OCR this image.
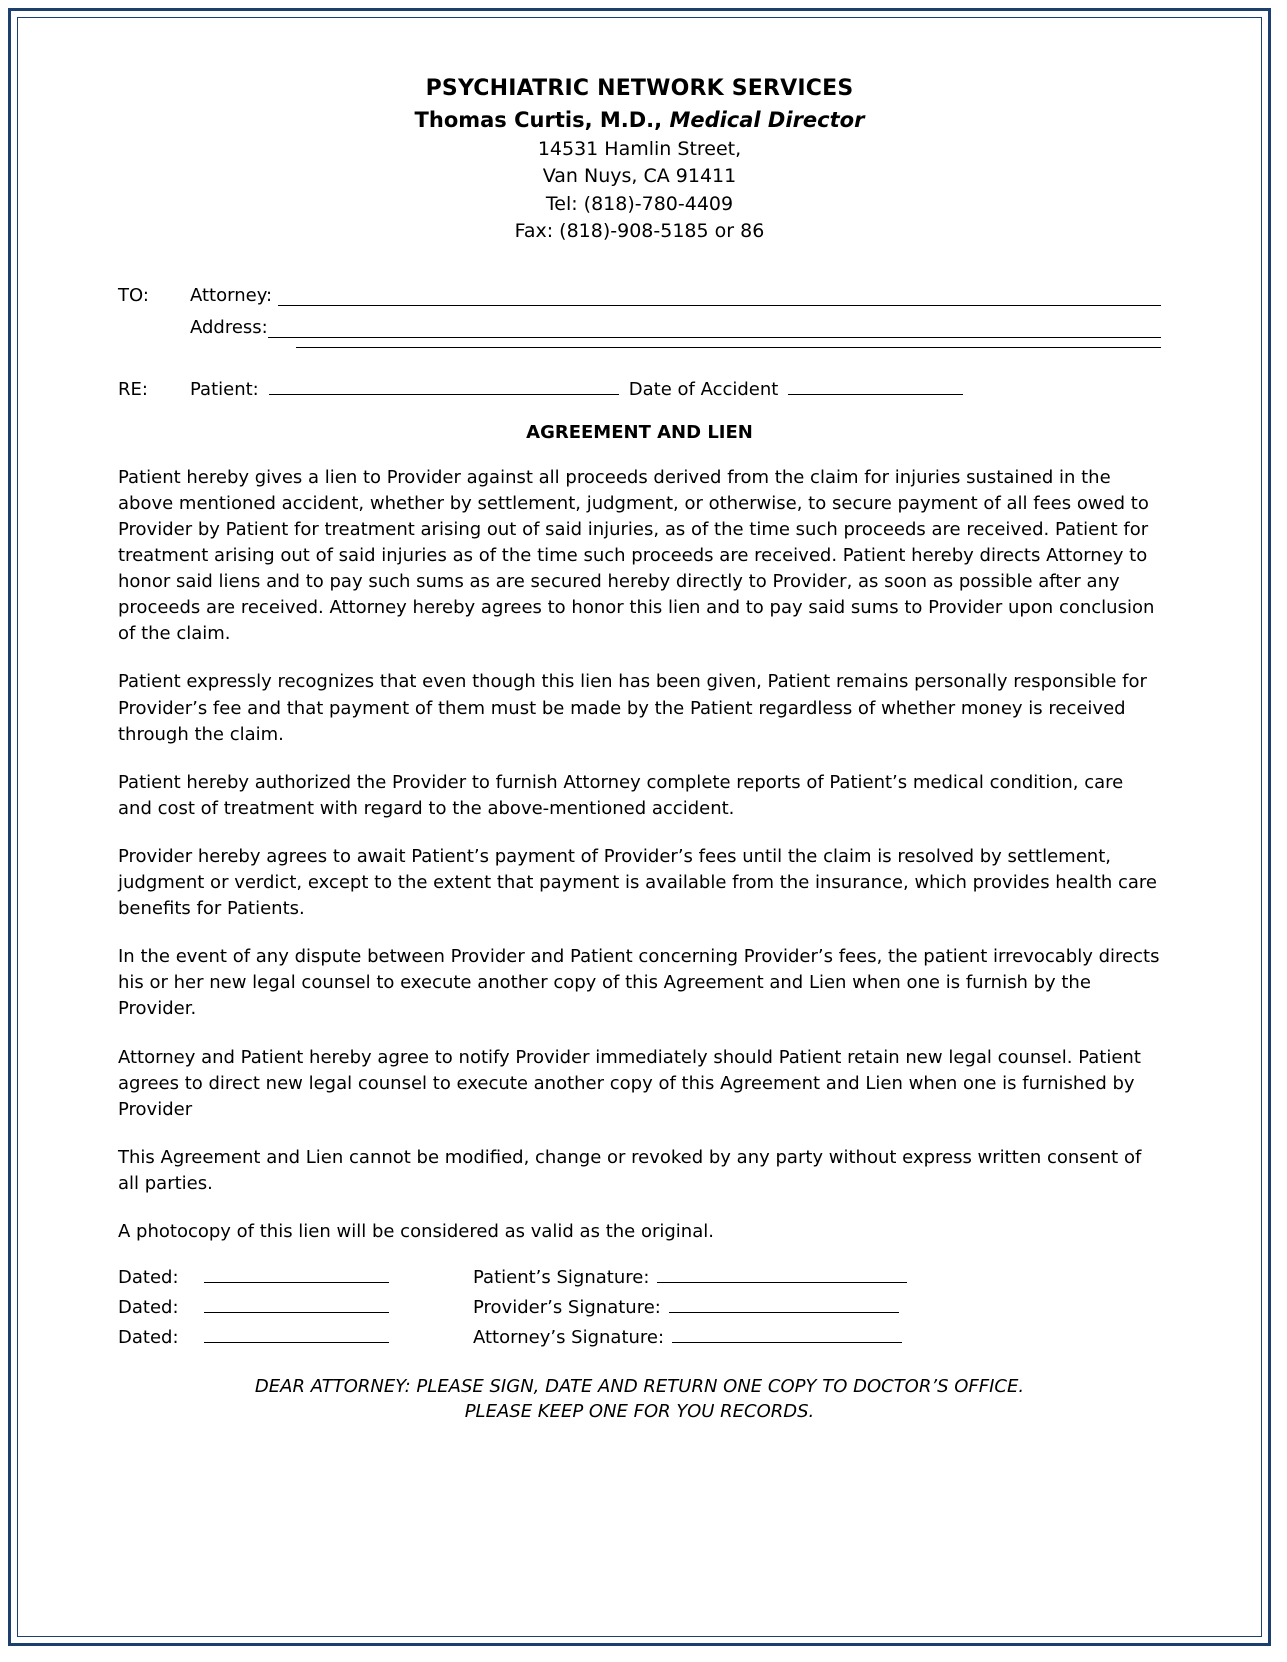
PSYCHIATRIC NETWORK SERVICES
Thomas Curtis, M.D., Medical Director
14531 Hamlin Street,
Van Nuys, CA 91411
Tel: (818)-780-4409
Fax: (818)-908-5185 or 86
TO:	Attorney:
Address:
RE:	Patient:	Date of Accident
AGREEMENT AND LIEN

Patient hereby gives a lien to Provider against all proceeds derived from the claim for injuries sustained in the above mentioned accident, whether by settlement, judgment, or otherwise, to secure payment of all fees owed to Provider by Patient for treatment arising out of said injuries, as of the time such proceeds are received. Patient for treatment arising out of said injuries as of the time such proceeds are received. Patient hereby directs Attorney to honor said liens and to pay such sums as are secured hereby directly to Provider, as soon as possible after any proceeds are received. Attorney hereby agrees to honor this lien and to pay said sums to Provider upon conclusion of the claim.

Patient expressly recognizes that even though this lien has been given, Patient remains personally responsible for Provider’s fee and that payment of them must be made by the Patient regardless of whether money is received through the claim.

Patient hereby authorized the Provider to furnish Attorney complete reports of Patient’s medical condition, care and cost of treatment with regard to the above-mentioned accident.

Provider hereby agrees to await Patient’s payment of Provider’s fees until the claim is resolved by settlement, judgment or verdict, except to the extent that payment is available from the insurance, which provides health care benefits for Patients.

In the event of any dispute between Provider and Patient concerning Provider’s fees, the patient irrevocably directs his or her new legal counsel to execute another copy of this Agreement and Lien when one is furnish by the Provider.

Attorney and Patient hereby agree to notify Provider immediately should Patient retain new legal counsel. Patient agrees to direct new legal counsel to execute another copy of this Agreement and Lien when one is furnished by Provider

This Agreement and Lien cannot be modified, change or revoked by any party without express written consent of all parties.

A photocopy of this lien will be considered as valid as the original.

Dated:	Patient’s Signature:
Dated:	Provider’s Signature:
Dated:	Attorney’s Signature:
DEAR ATTORNEY: PLEASE SIGN, DATE AND RETURN ONE COPY TO DOCTOR’S OFFICE.
PLEASE KEEP ONE FOR YOU RECORDS.
